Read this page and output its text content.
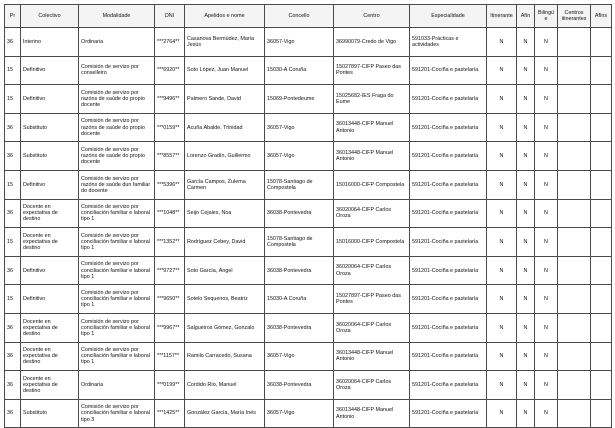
Pr	Colectivo	Modalidade	DNI	Apelidos e nome	Concello	Centro	Especialidade	Itinerante	Afín	Bilingüe	Centros itinerantes	Afíns
36	Interino	Ordinaria	***2764**	Casanova Bermúdez, María Jesús	36057-Vigo	36990079-Credo de Vigo	591033-Prácticas e actividades	N	N	N		
15	Definitivo	Comisión de servizo por conselleiro	***6920**	Soto López, Juan Manuel	15030-A Coruña	15027897-CIFP Paseo das Pontes	591201-Cociña e pastelaría	N	N	N		
15	Definitivo	Comisión de servizo por razóns de saúde do propio docente	***9496**	Palmero Sande, David	15069-Pontedeume	15025682-IES Fraga do Eume	591201-Cociña e pastelaría	N	N	N		
36	Substituto	Comisión de servizo por razóns de saúde do propio docente	***0159**	Acuña Abalde, Trinidad	36057-Vigo	36013448-CIFP Manuel Antonio	591201-Cociña e pastelaría	N	N	N		
36	Substituto	Comisión de servizo por razóns de saúde do propio docente	***8557**	Lorenzo Gradín, Guillermo	36057-Vigo	36013448-CIFP Manuel Antonio	591201-Cociña e pastelaría	N	N	N		
15	Definitivo	Comisión de servizo por razóns de saúde dun familiar do docente	***5396**	García Campos, Zulema Carmen	15078-Santiago de Compostela	15016000-CIFP Compostela	591201-Cociña e pastelaría	N	N	N		
36	Docente en expectativa de destino	Comisión de servizo por conciliación familiar e laboral tipo 1	***1048**	Seijo Cejales, Noa	36038-Pontevedra	36020064-CIFP Carlos Oroza	591201-Cociña e pastelaría	N	N	N		
15	Docente en expectativa de destino	Comisión de servizo por conciliación familiar e laboral tipo 1	***1352**	Rodríguez Cebey, David	15078-Santiago de Compostela	15016000-CIFP Compostela	591201-Cociña e pastelaría	N	N	N		
36	Definitivo	Comisión de servizo por conciliación familiar e laboral tipo 1	***9727**	Soto García, Ángel	36038-Pontevedra	36020064-CIFP Carlos Oroza	591201-Cociña e pastelaría	N	N	N		
15	Definitivo	Comisión de servizo por conciliación familiar e laboral tipo 1	***9650**	Sotelo Sequeiros, Beatriz	15030-A Coruña	15027897-CIFP Paseo das Pontes	591201-Cociña e pastelaría	N	N	N		
36	Docente en expectativa de destino	Comisión de servizo por conciliación familiar e laboral tipo 1	***9967**	Salgueiros Gómez, Gonzalo	36038-Pontevedra	36020064-CIFP Carlos Oroza	591201-Cociña e pastelaría	N	N	N		
36	Docente en expectativa de destino	Comisión de servizo por conciliación familiar e laboral tipo 1	***1157**	Ramilo Carracedo, Susana	36057-Vigo	36013448-CIFP Manuel Antonio	591201-Cociña e pastelaría	N	N	N		
36	Docente en expectativa de destino	Ordinaria	***0199**	Cordido Río, Manuel	36038-Pontevedra	36020064-CIFP Carlos Oroza	591201-Cociña e pastelaría	N	N	N		
36	Substituto	Comisión de servizo por conciliación familiar e laboral tipo 3	***1425**	González García, María Inés	36057-Vigo	36013448-CIFP Manuel Antonio	591201-Cociña e pastelaría	N	N	N		
